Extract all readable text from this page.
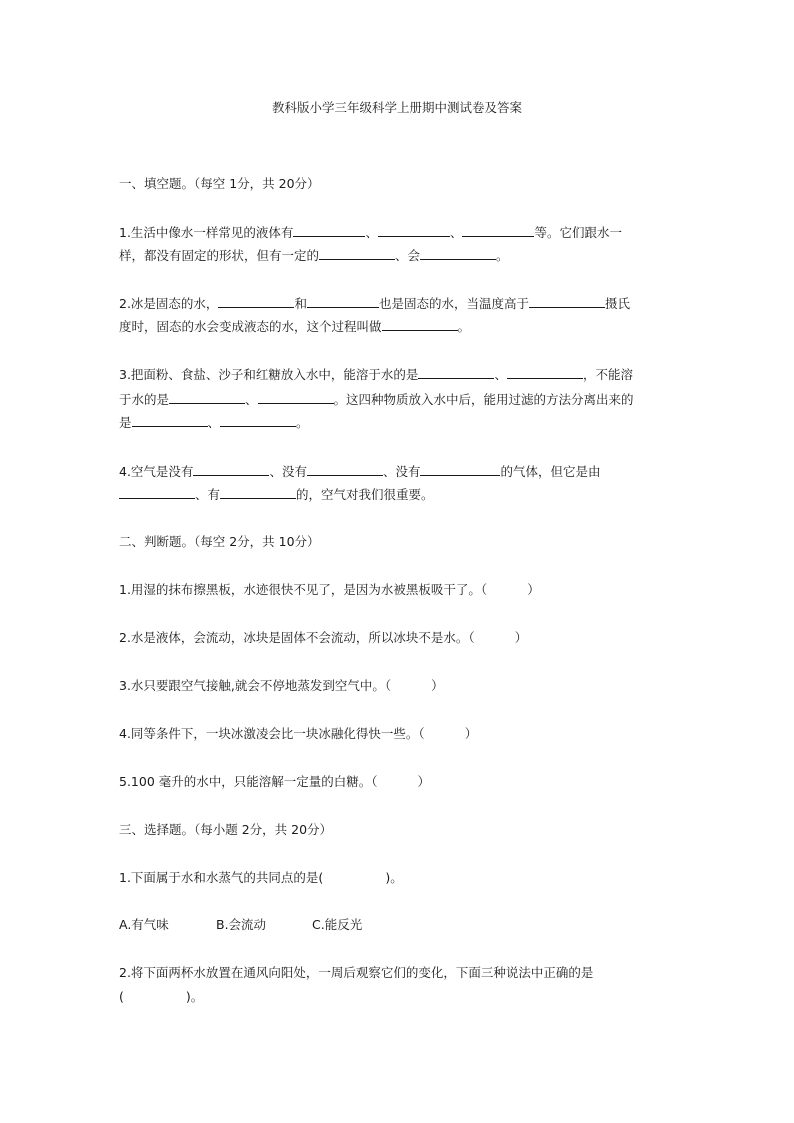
教科版小学三年级科学上册期中测试卷及答案
一、填空题。（每空 1分，共 20分）
1.生活中像水一样常见的液体有	、	、	等。它们跟水一
样，都没有固定的形状，但有一定的	、会	。
2.冰是固态的水，	和	也是固态的水，当温度高于	摄氏
度时，固态的水会变成液态的水，这个过程叫做	。
3.把面粉、食盐、沙子和红糖放入水中，能溶于水的是	、	，不能溶
于水的是	、	。这四种物质放入水中后，能用过滤的方法分离出来的
是	、	。
4.空气是没有	、没有	、没有	的气体，但它是由
、有	的，空气对我们很重要。
二、判断题。（每空 2分，共 10分）
1.用湿的抹布擦黑板，水迹很快不见了，是因为水被黑板吸干了。（	）
2.水是液体，会流动，冰块是固体不会流动，所以冰块不是水。（	）
3.水只要跟空气接触,就会不停地蒸发到空气中。（	）
4.同等条件下，一块冰激凌会比一块冰融化得快一些。（	）
5.100 毫升的水中，只能溶解一定量的白糖。（	）
三、选择题。（每小题 2分，共 20分）
1.下面属于水和水蒸气的共同点的是(	)。
A.有气味	B.会流动	C.能反光
2.将下面两杯水放置在通风向阳处，一周后观察它们的变化，下面三种说法中正确的是
(	)。
